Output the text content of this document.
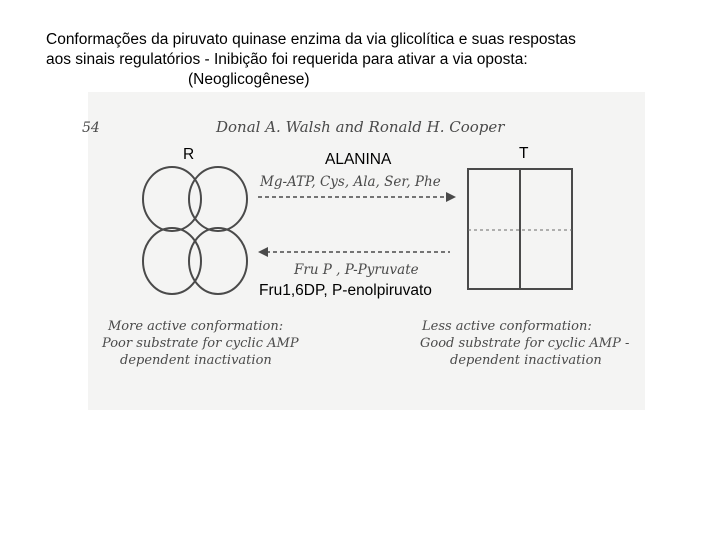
Conformações da piruvato quinase enzima da via glicolítica e suas respostas
aos sinais regulatórios - Inibição foi requerida para ativar a via oposta:
(Neoglicogênese)
54	Donal A. Walsh and Ronald H. Cooper
Mg-ATP, Cys, Ala, Ser, Phe
Fru P , P-Pyruvate
More active conformation:
Poor substrate for cyclic AMP
dependent inactivation
Less active conformation:
Good substrate for cyclic AMP -
dependent inactivation
R	T
ALANINA
Fru1,6DP, P-enolpiruvato
